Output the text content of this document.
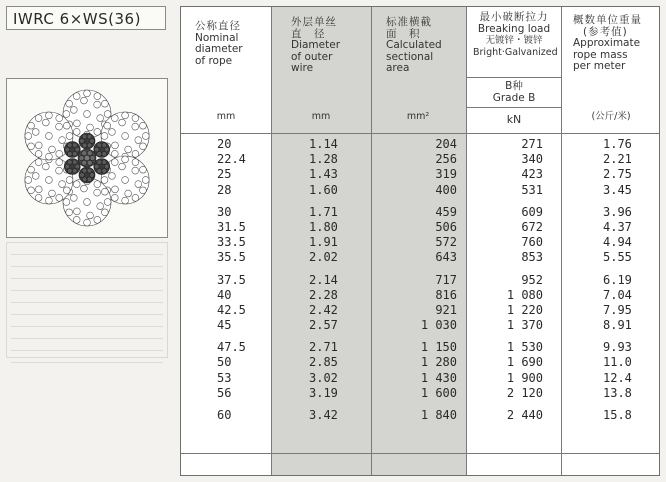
IWRC 6×WS(36)	公称直径
Nominal
diameter
of rope
mm
外层单丝
直　径
Diameter
of outer
wire
mm
标准横截
面　积
Calculated
sectional
area
mm²
最小破断拉力
Breaking load
无镀锌・镀锌
Bright·Galvanized
B种
Grade B
kN
概数单位重量
(参考值)
Approximate
rope mass
per meter
(公斤/米)
20	1.14	204	271	1.76
22.4	1.28	256	340	2.21
25	1.43	319	423	2.75
28	1.60	400	531	3.45
30	1.71	459	609	3.96
31.5	1.80	506	672	4.37
33.5	1.91	572	760	4.94
35.5	2.02	643	853	5.55
37.5	2.14	717	952	6.19
40	2.28	816	1 080	7.04
42.5	2.42	921	1 220	7.95
45	2.57	1 030	1 370	8.91
47.5	2.71	1 150	1 530	9.93
50	2.85	1 280	1 690	11.0
53	3.02	1 430	1 900	12.4
56	3.19	1 600	2 120	13.8
60	3.42	1 840	2 440	15.8
